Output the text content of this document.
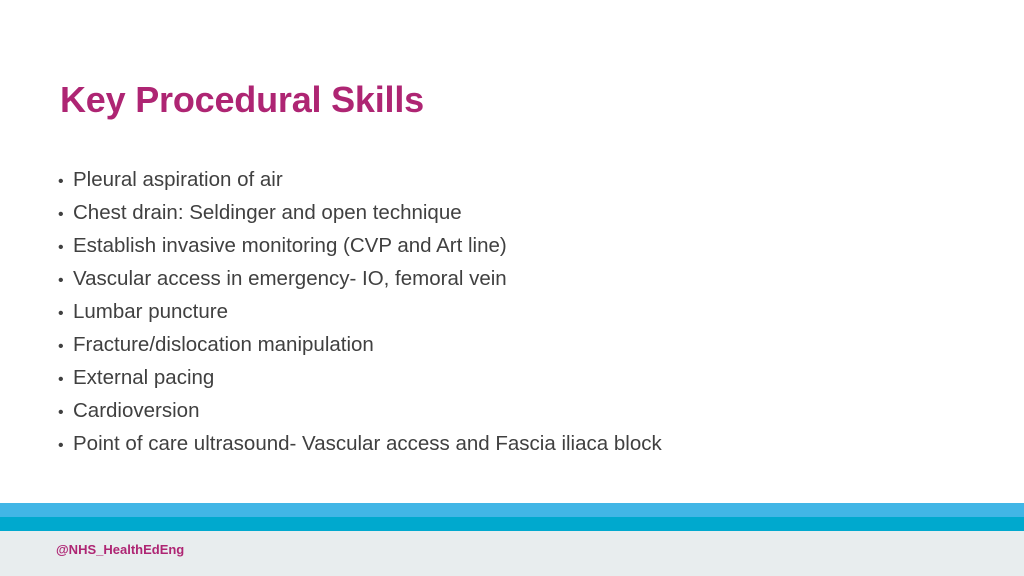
Key Procedural Skills
• Pleural aspiration of air
• Chest drain: Seldinger and open technique
• Establish invasive monitoring (CVP and Art line)
• Vascular access in emergency- IO, femoral vein
• Lumbar puncture
• Fracture/dislocation manipulation
• External pacing
• Cardioversion
• Point of care ultrasound- Vascular access and Fascia iliaca block
@NHS_HealthEdEng
